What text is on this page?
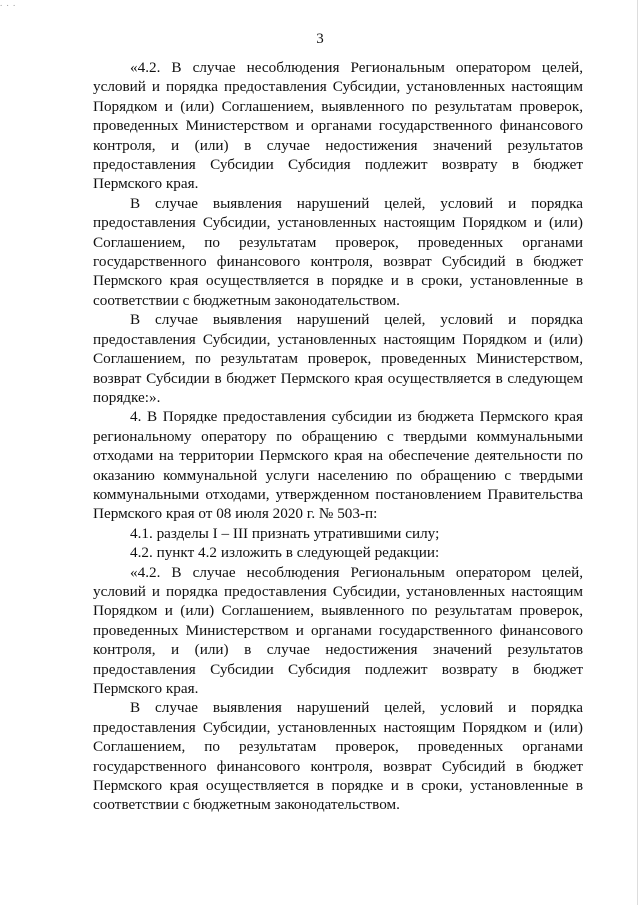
. . .
3

«4.2. В случае несоблюдения Региональным оператором целей, условий и порядка предоставления Субсидии, установленных настоящим Порядком и (или) Соглашением, выявленного по результатам проверок, проведенных Министерством и органами государственного финансового контроля, и (или) в случае недостижения значений результатов предоставления Субсидии Субсидия подлежит возврату в бюджет Пермского края.

В случае выявления нарушений целей, условий и порядка предоставления Субсидии, установленных настоящим Порядком и (или) Соглашением, по результатам проверок, проведенных органами государственного финансового контроля, возврат Субсидий в бюджет Пермского края осуществляется в порядке и в сроки, установленные в соответствии с бюджетным законодательством.

В случае выявления нарушений целей, условий и порядка предоставления Субсидии, установленных настоящим Порядком и (или) Соглашением, по результатам проверок, проведенных Министерством, возврат Субсидии в бюджет Пермского края осуществляется в следующем порядке:».

4. В Порядке предоставления субсидии из бюджета Пермского края региональному оператору по обращению с твердыми коммунальными отходами на территории Пермского края на обеспечение деятельности по оказанию коммунальной услуги населению по обращению с твердыми коммунальными отходами, утвержденном постановлением Правительства Пермского края от 08 июля 2020 г. № 503-п:

4.1. разделы I – III признать утратившими силу;

4.2. пункт 4.2 изложить в следующей редакции:

«4.2. В случае несоблюдения Региональным оператором целей, условий и порядка предоставления Субсидии, установленных настоящим Порядком и (или) Соглашением, выявленного по результатам проверок, проведенных Министерством и органами государственного финансового контроля, и (или) в случае недостижения значений результатов предоставления Субсидии Субсидия подлежит возврату в бюджет Пермского края.

В случае выявления нарушений целей, условий и порядка предоставления Субсидии, установленных настоящим Порядком и (или) Соглашением, по результатам проверок, проведенных органами государственного финансового контроля, возврат Субсидий в бюджет Пермского края осуществляется в порядке и в сроки, установленные в соответствии с бюджетным законодательством.
